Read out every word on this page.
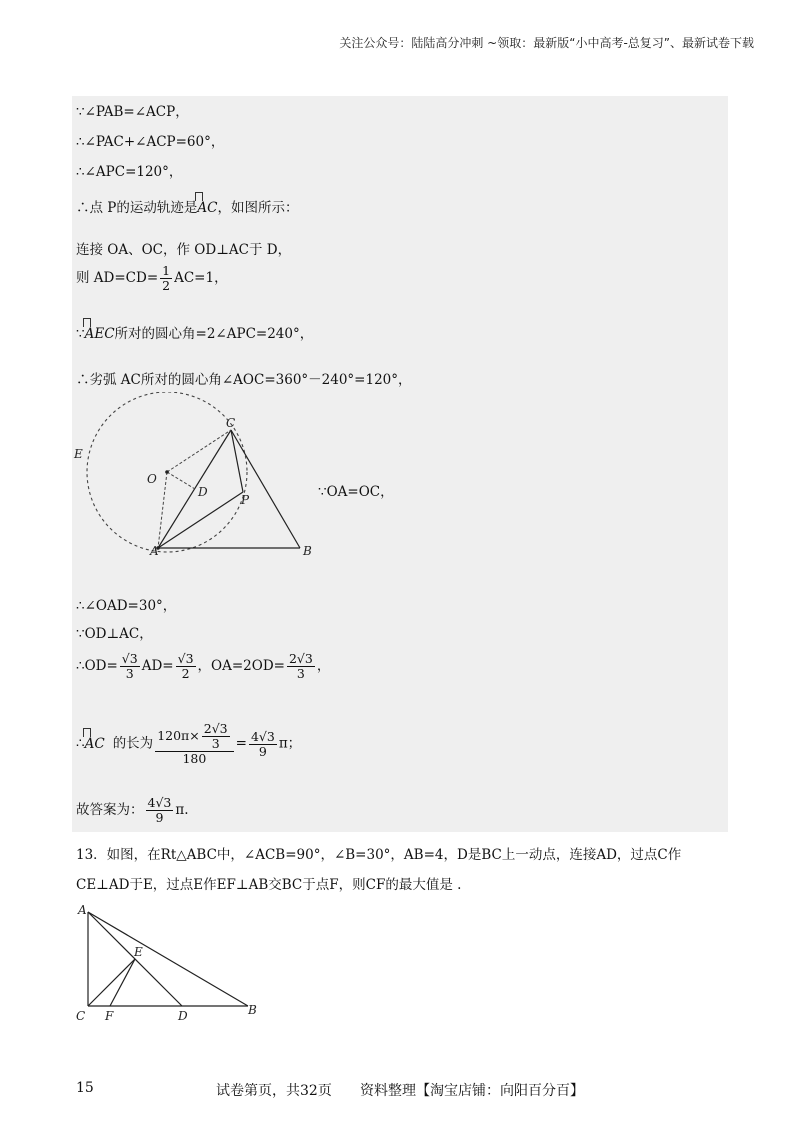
关注公众号：陆陆高分冲刺 ~领取：最新版“小中高考-总复习”、最新试卷下载
∵∠PAB=∠ACP，
∴∠PAC+∠ACP=60°，
∴∠APC=120°，
∴点 P的运动轨迹是AC，如图所示：
连接 OA、OC，作 OD⊥AC于 D，
则 $AD=CD= \frac{1}{2} AC=1$，
∵AEC所对的圆心角=2∠APC=240°，
∴劣弧 AC所对的圆心角∠AOC=360°－240°=120°，
C
E
O
D
P
A	B
∵OA=OC，
∴∠OAD=30°，
∵OD⊥AC，
∴OD= $\frac{√3}{3} AD= \frac{√3}{2}$ ，$OA=2OD= \frac{2√3}{3}$ ，
∴AC 的长为 $\frac{120\pi\times \frac{2√3}{3}}{180} = \frac{4√3}{9}$ π；
故答案为： $\frac{4√3}{9} \pi$.
13．如图，在Rt△ABC中，∠ACB=90°，∠B=30°，AB=4，D是BC上一动点，连接AD，过点C作
CE⊥AD于E，过点E作EF⊥AB交BC于点F，则CF的最大值是 .
A
E
C F	D	B
15	试卷第页，共32页 资料整理【淘宝店铺：向阳百分百】
